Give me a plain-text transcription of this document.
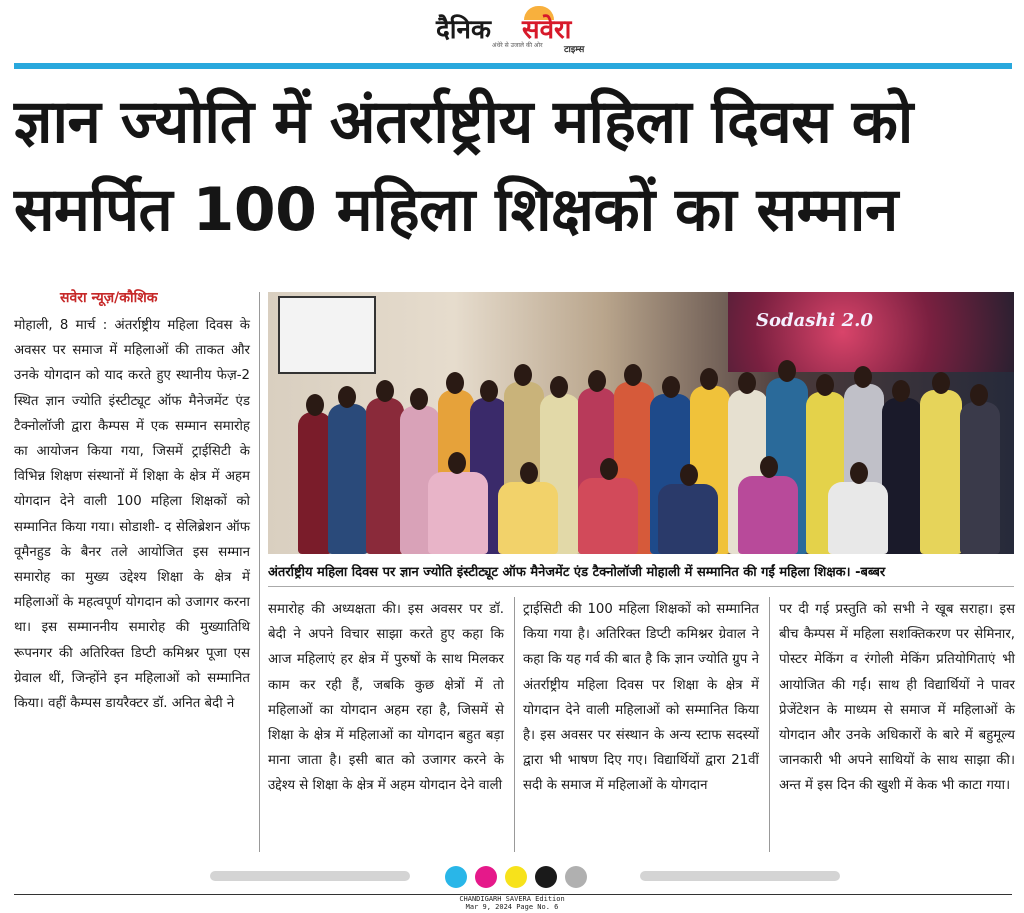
दैनिक सवेरा
अंधेरे से उजाले की ओर टाइम्स
ज्ञान ज्योति में अंतर्राष्ट्रीय महिला दिवस को
समर्पित 100 महिला शिक्षकों का सम्मान
सवेरा न्यूज़/कौशिक
मोहाली, 8 मार्च : अंतर्राष्ट्रीय महिला दिवस के अवसर पर समाज में महिलाओं की ताकत और उनके योगदान को याद करते हुए स्थानीय फेज़-2 स्थित ज्ञान ज्योति इंस्टीट्यूट ऑफ मैनेजमेंट एंड टैक्नोलॉजी द्वारा कैम्पस में एक सम्मान समारोह का आयोजन किया गया, जिसमें ट्राईसिटी के विभिन्न शिक्षण संस्थानों में शिक्षा के क्षेत्र में अहम योगदान देने वाली 100 महिला शिक्षकों को सम्मानित किया गया। सोडाशी- द सेलिब्रेशन ऑफ वूमैनहुड के बैनर तले आयोजित इस सम्मान समारोह का मुख्य उद्देश्य शिक्षा के क्षेत्र में महिलाओं के महत्वपूर्ण योगदान को उजागर करना था। इस सम्माननीय समारोह की मुख्यातिथि रूपनगर की अतिरिक्त डिप्टी कमिश्नर पूजा एस ग्रेवाल थीं, जिन्होंने इन महिलाओं को सम्मानित किया। वहीं कैम्पस डायरैक्टर डॉ. अनित बेदी ने
Sodashi 2.0
अंतर्राष्ट्रीय महिला दिवस पर ज्ञान ज्योति इंस्टीट्यूट ऑफ मैनेजमेंट एंड टैक्नोलॉजी मोहाली में सम्मानित की गईं महिला शिक्षक। -बब्बर
समारोह की अध्यक्षता की। इस अवसर पर डॉ. बेदी ने अपने विचार साझा करते हुए कहा कि आज महिलाएं हर क्षेत्र में पुरुषों के साथ मिलकर काम कर रही हैं, जबकि कुछ क्षेत्रों में तो महिलाओं का योगदान अहम रहा है, जिसमें से शिक्षा के क्षेत्र में महिलाओं का योगदान बहुत बड़ा माना जाता है। इसी बात को उजागर करने के उद्देश्य से शिक्षा के क्षेत्र में अहम योगदान देने वाली
ट्राईसिटी की 100 महिला शिक्षकों को सम्मानित किया गया है। अतिरिक्त डिप्टी कमिश्नर ग्रेवाल ने कहा कि यह गर्व की बात है कि ज्ञान ज्योति ग्रुप ने अंतर्राष्ट्रीय महिला दिवस पर शिक्षा के क्षेत्र में योगदान देने वाली महिलाओं को सम्मानित किया है। इस अवसर पर संस्थान के अन्य स्टाफ सदस्यों द्वारा भी भाषण दिए गए। विद्यार्थियों द्वारा 21वीं सदी के समाज में महिलाओं के योगदान
पर दी गई प्रस्तुति को सभी ने खूब सराहा। इस बीच कैम्पस में महिला सशक्तिकरण पर सेमिनार, पोस्टर मेकिंग व रंगोली मेकिंग प्रतियोगिताएं भी आयोजित की गईं। साथ ही विद्यार्थियों ने पावर प्रेजेंटेशन के माध्यम से समाज में महिलाओं के योगदान और उनके अधिकारों के बारे में बहुमूल्य जानकारी भी अपने साथियों के साथ साझा की। अन्त में इस दिन की खुशी में केक भी काटा गया।
CHANDIGARH SAVERA Edition
Mar 9, 2024 Page No. 6
